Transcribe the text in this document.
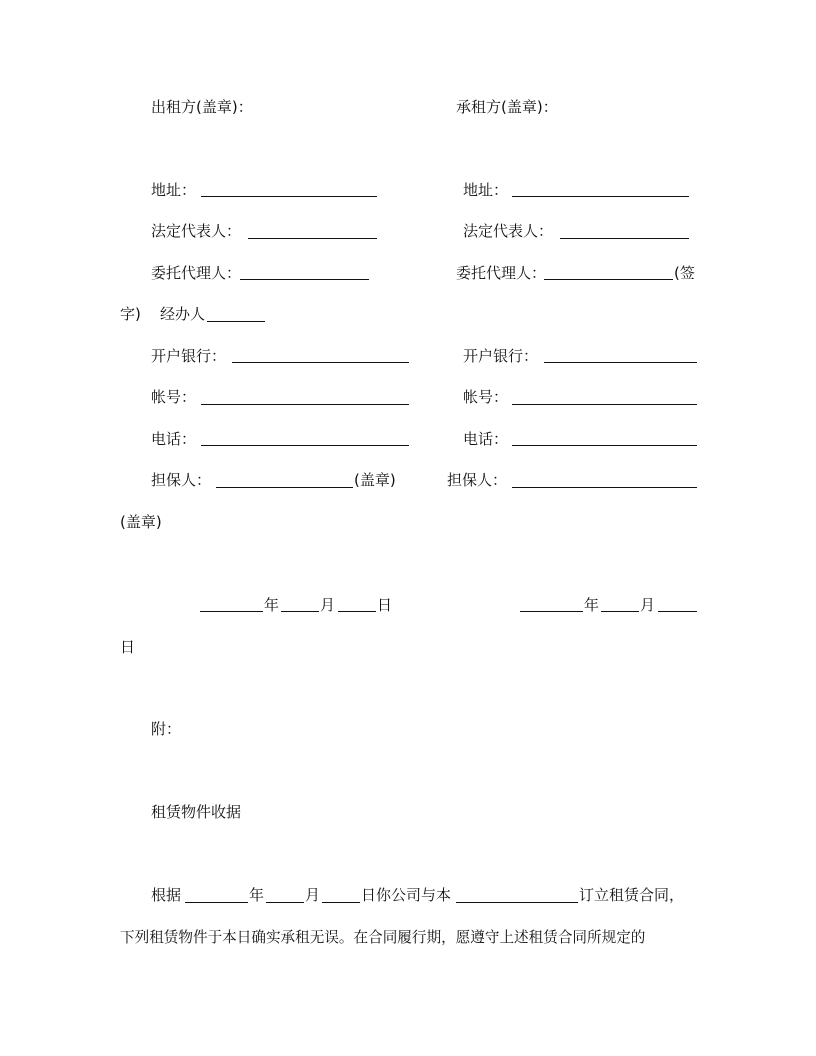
出租方(盖章)：	承租方(盖章)：
地址：	地址：
法定代表人：	法定代表人：
委托代理人：	委托代理人：	(签
字) 经办人
开户银行：	开户银行：
帐号：	帐号：
电话：	电话：
担保人：	(盖章)	担保人：
(盖章)
年	月	日	年	月
日
附：
租赁物件收据
根据	年	月	日你公司与本	订立租赁合同，
下列租赁物件于本日确实承租无误。在合同履行期，愿遵守上述租赁合同所规定的
